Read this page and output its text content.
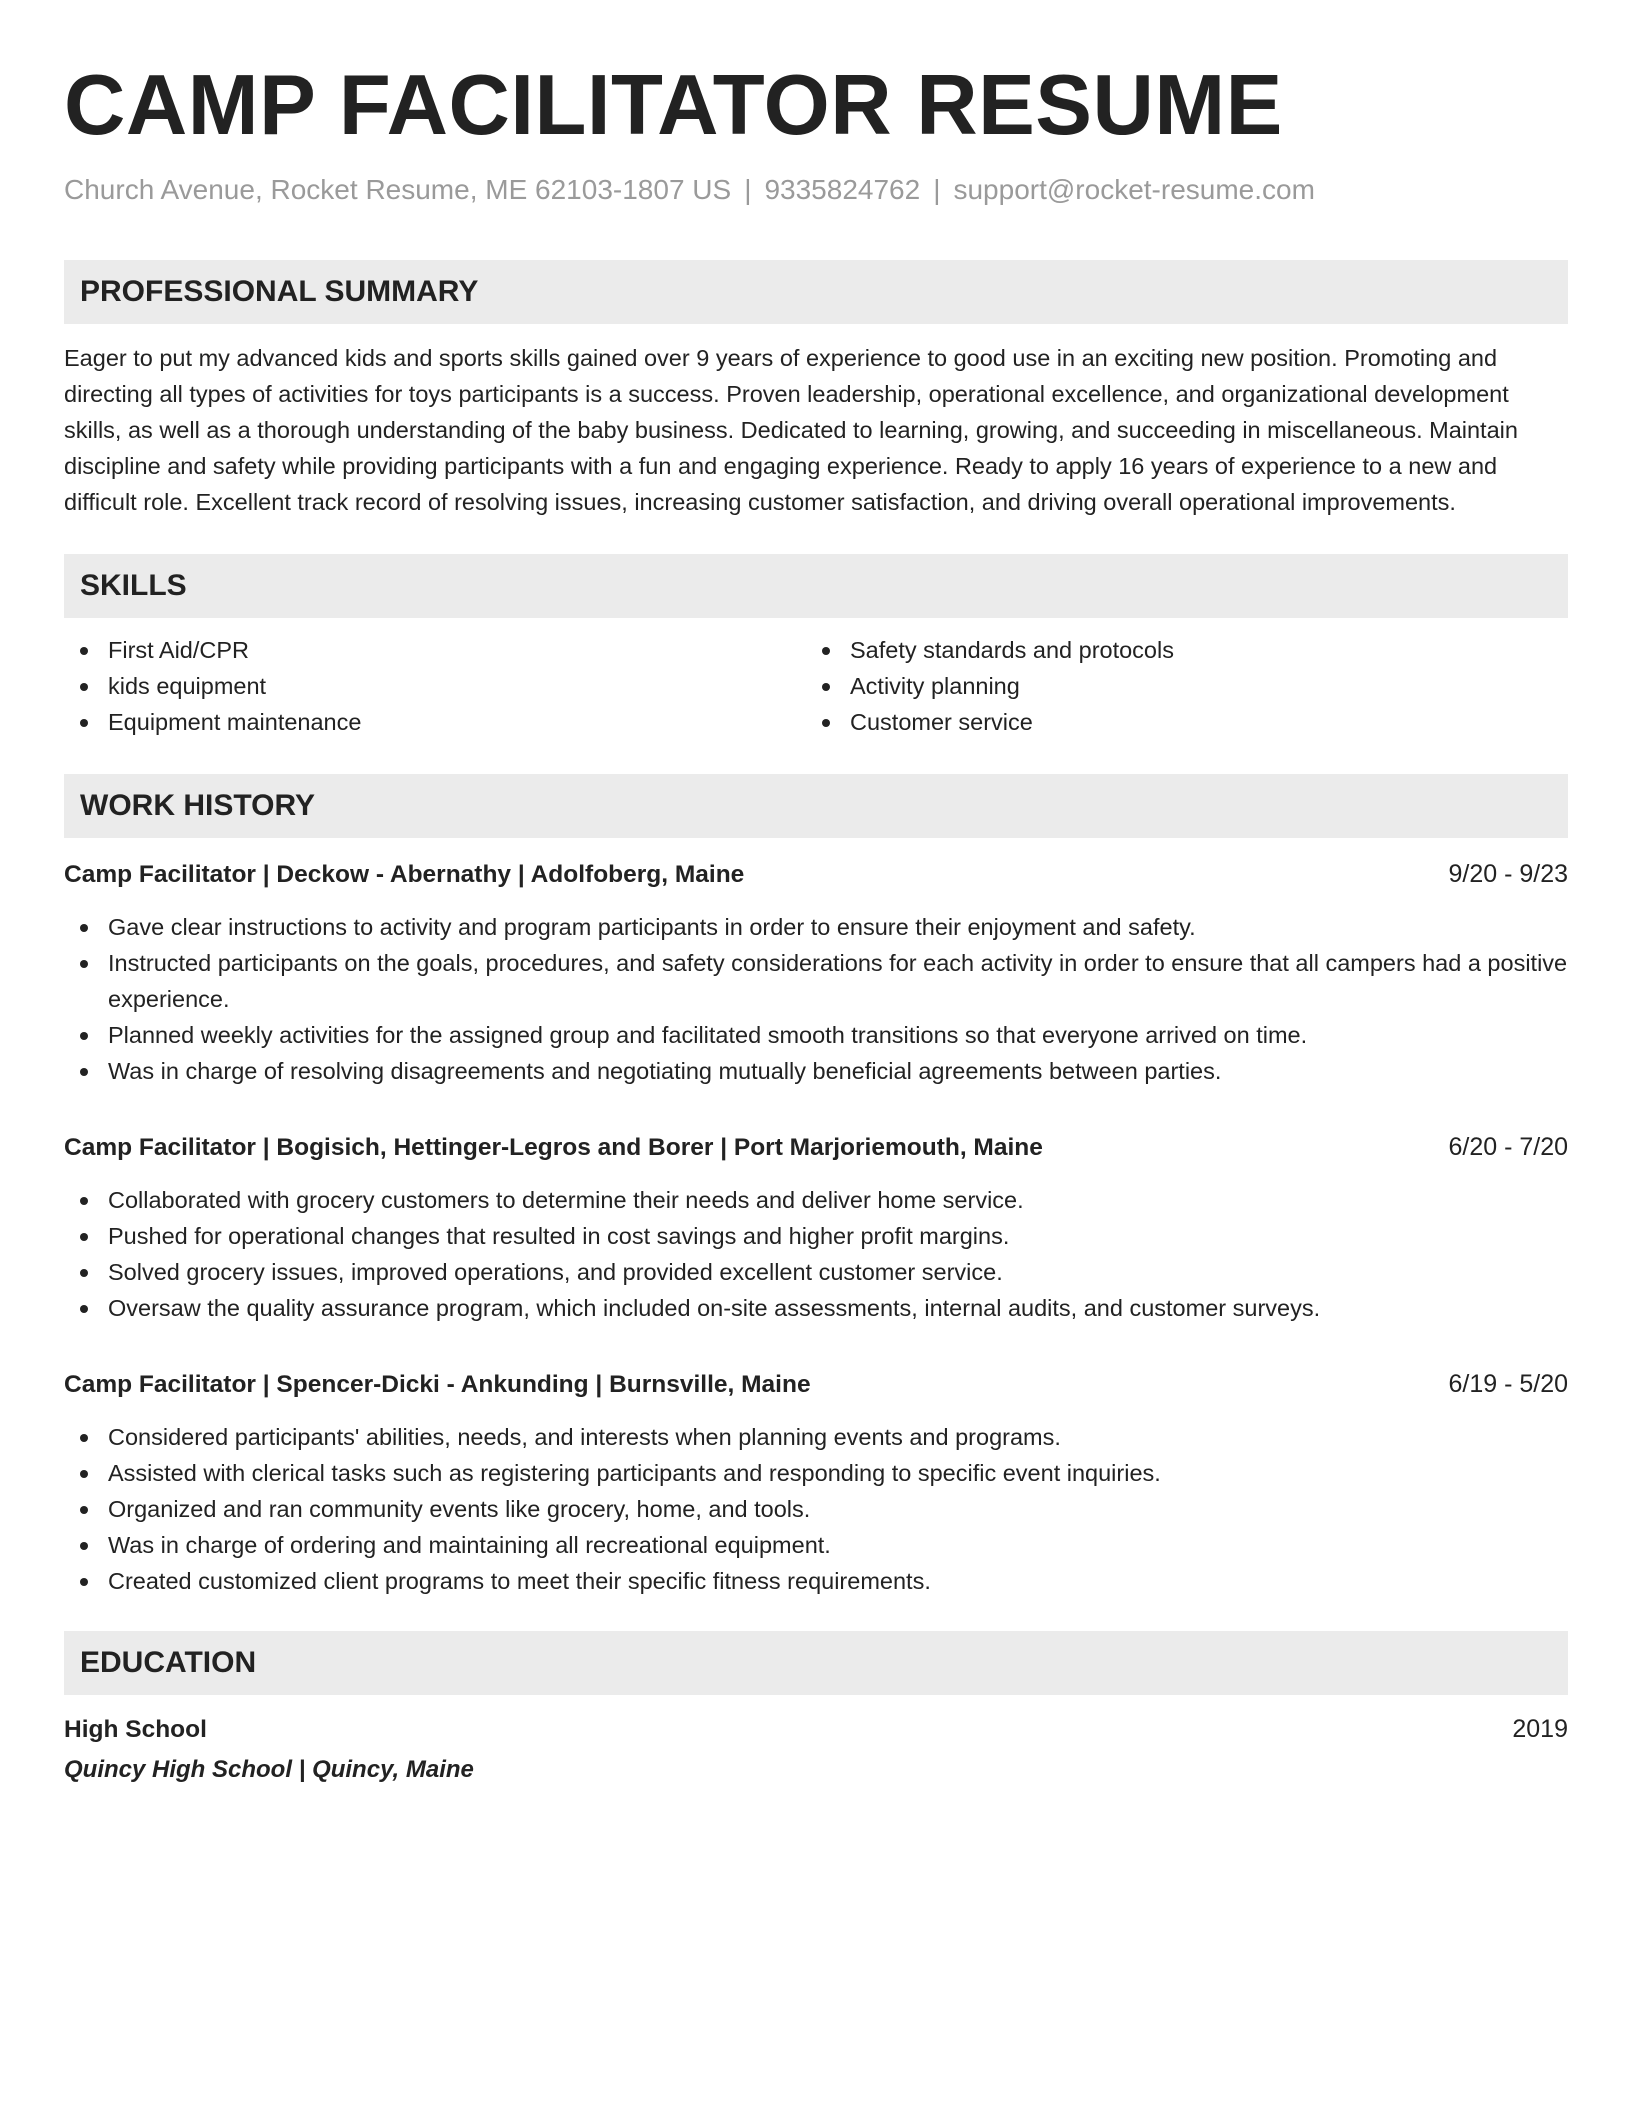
CAMP FACILITATOR RESUME
Church Avenue, Rocket Resume, ME 62103-1807 US | 9335824762 | support@rocket-resume.com
PROFESSIONAL SUMMARY
Eager to put my advanced kids and sports skills gained over 9 years of experience to good use in an exciting new position. Promoting and directing all types of activities for toys participants is a success. Proven leadership, operational excellence, and organizational development skills, as well as a thorough understanding of the baby business. Dedicated to learning, growing, and succeeding in miscellaneous. Maintain discipline and safety while providing participants with a fun and engaging experience. Ready to apply 16 years of experience to a new and difficult role. Excellent track record of resolving issues, increasing customer satisfaction, and driving overall operational improvements.
SKILLS
First Aid/CPR
kids equipment
Equipment maintenance
Safety standards and protocols
Activity planning
Customer service
WORK HISTORY
Camp Facilitator | Deckow - Abernathy | Adolfoberg, Maine	9/20 - 9/23
Gave clear instructions to activity and program participants in order to ensure their enjoyment and safety.
Instructed participants on the goals, procedures, and safety considerations for each activity in order to ensure that all campers had a positive experience.
Planned weekly activities for the assigned group and facilitated smooth transitions so that everyone arrived on time.
Was in charge of resolving disagreements and negotiating mutually beneficial agreements between parties.
Camp Facilitator | Bogisich, Hettinger-Legros and Borer | Port Marjoriemouth, Maine	6/20 - 7/20
Collaborated with grocery customers to determine their needs and deliver home service.
Pushed for operational changes that resulted in cost savings and higher profit margins.
Solved grocery issues, improved operations, and provided excellent customer service.
Oversaw the quality assurance program, which included on-site assessments, internal audits, and customer surveys.
Camp Facilitator | Spencer-Dicki - Ankunding | Burnsville, Maine	6/19 - 5/20
Considered participants' abilities, needs, and interests when planning events and programs.
Assisted with clerical tasks such as registering participants and responding to specific event inquiries.
Organized and ran community events like grocery, home, and tools.
Was in charge of ordering and maintaining all recreational equipment.
Created customized client programs to meet their specific fitness requirements.
EDUCATION
High School	2019
Quincy High School | Quincy, Maine
